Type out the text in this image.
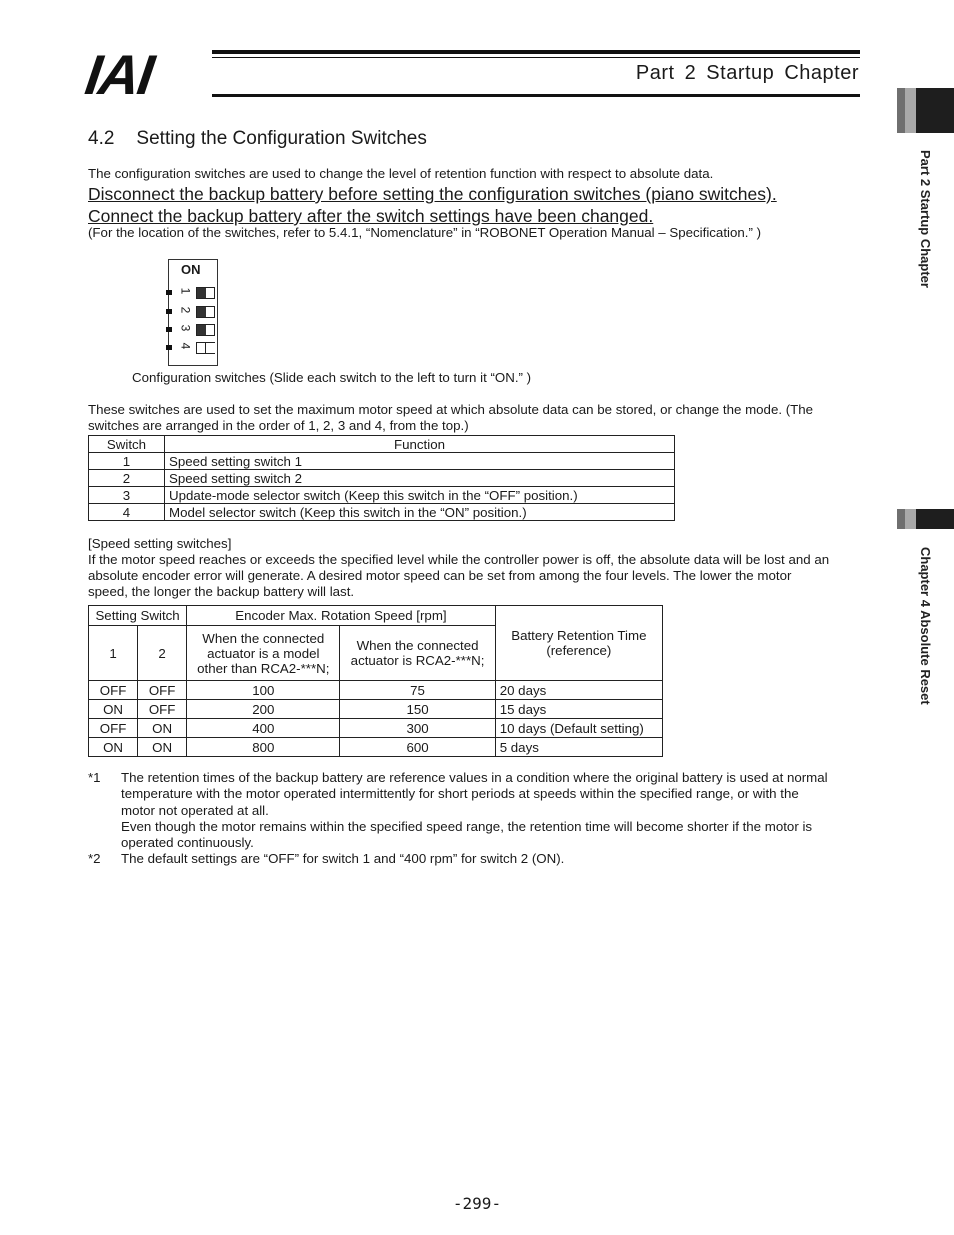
IAI	Part 2 Startup Chapter
Part 2 Startup Chapter
Chapter 4 Absolute Reset
4.2 Setting the Configuration Switches
The configuration switches are used to change the level of retention function with respect to absolute data.
Disconnect the backup battery before setting the configuration switches (piano switches).
Connect the backup battery after the switch settings have been changed.
(For the location of the switches, refer to 5.4.1, “Nomenclature” in “ROBONET Operation Manual – Specification.” )
ON
1
2
3
4
Configuration switches (Slide each switch to the left to turn it “ON.” )
These switches are used to set the maximum motor speed at which absolute data can be stored, or change the mode. (The
switches are arranged in the order of 1, 2, 3 and 4, from the top.)
Switch	Function
1	Speed setting switch 1
2	Speed setting switch 2
3	Update-mode selector switch (Keep this switch in the “OFF” position.)
4	Model selector switch (Keep this switch in the “ON” position.)
[Speed setting switches]
If the motor speed reaches or exceeds the specified level while the controller power is off, the absolute data will be lost and an
absolute encoder error will generate. A desired motor speed can be set from among the four levels. The lower the motor
speed, the longer the backup battery will last.
Setting Switch		Encoder Max. Rotation Speed [rpm]		Battery Retention Time (reference)
1	2	When the connected actuator is a model other than RCA2-***N;	When the connected actuator is RCA2-***N;	
OFF	OFF	100	75	20 days
ON	OFF	200	150	15 days
OFF	ON	400	300	10 days (Default setting)
ON	ON	800	600	5 days
*1 The retention times of the backup battery are reference values in a condition where the original battery is used at normal
temperature with the motor operated intermittently for short periods at speeds within the specified range, or with the
motor not operated at all.
Even though the motor remains within the specified speed range, the retention time will become shorter if the motor is
operated continuously.
*2 The default settings are “OFF” for switch 1 and “400 rpm” for switch 2 (ON).
-299-
